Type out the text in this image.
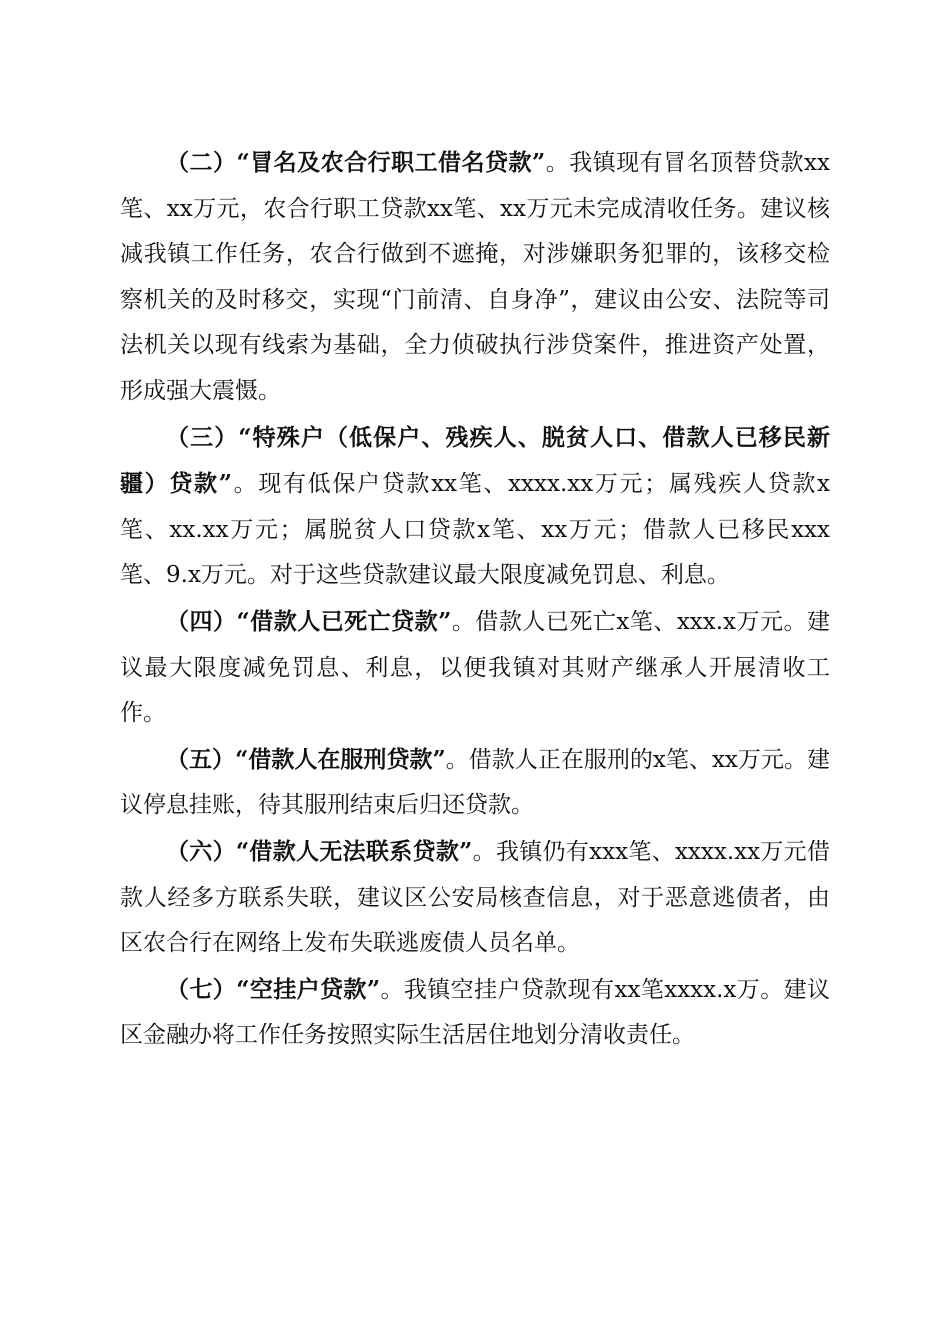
（二）“冒名及农合行职工借名贷款”。我镇现有冒名顶替贷款xx笔、xx万元，农合行职工贷款xx笔、xx万元未完成清收任务。建议核减我镇工作任务，农合行做到不遮掩，对涉嫌职务犯罪的，该移交检察机关的及时移交，实现“门前清、自身净”，建议由公安、法院等司法机关以现有线索为基础，全力侦破执行涉贷案件，推进资产处置，形成强大震慑。

（三）“特殊户（低保户、残疾人、脱贫人口、借款人已移民新疆）贷款”。现有低保户贷款xx笔、xxxx.xx万元；属残疾人贷款x笔、xx.xx万元；属脱贫人口贷款x笔、xx万元；借款人已移民xxx笔、9.x万元。对于这些贷款建议最大限度减免罚息、利息。

（四）“借款人已死亡贷款”。借款人已死亡x笔、xxx.x万元。建议最大限度减免罚息、利息，以便我镇对其财产继承人开展清收工作。

（五）“借款人在服刑贷款”。借款人正在服刑的x笔、xx万元。建议停息挂账，待其服刑结束后归还贷款。

（六）“借款人无法联系贷款”。我镇仍有xxx笔、xxxx.xx万元借款人经多方联系失联，建议区公安局核查信息，对于恶意逃债者，由区农合行在网络上发布失联逃废债人员名单。

（七）“空挂户贷款”。我镇空挂户贷款现有xx笔xxxx.x万。建议区金融办将工作任务按照实际生活居住地划分清收责任。
